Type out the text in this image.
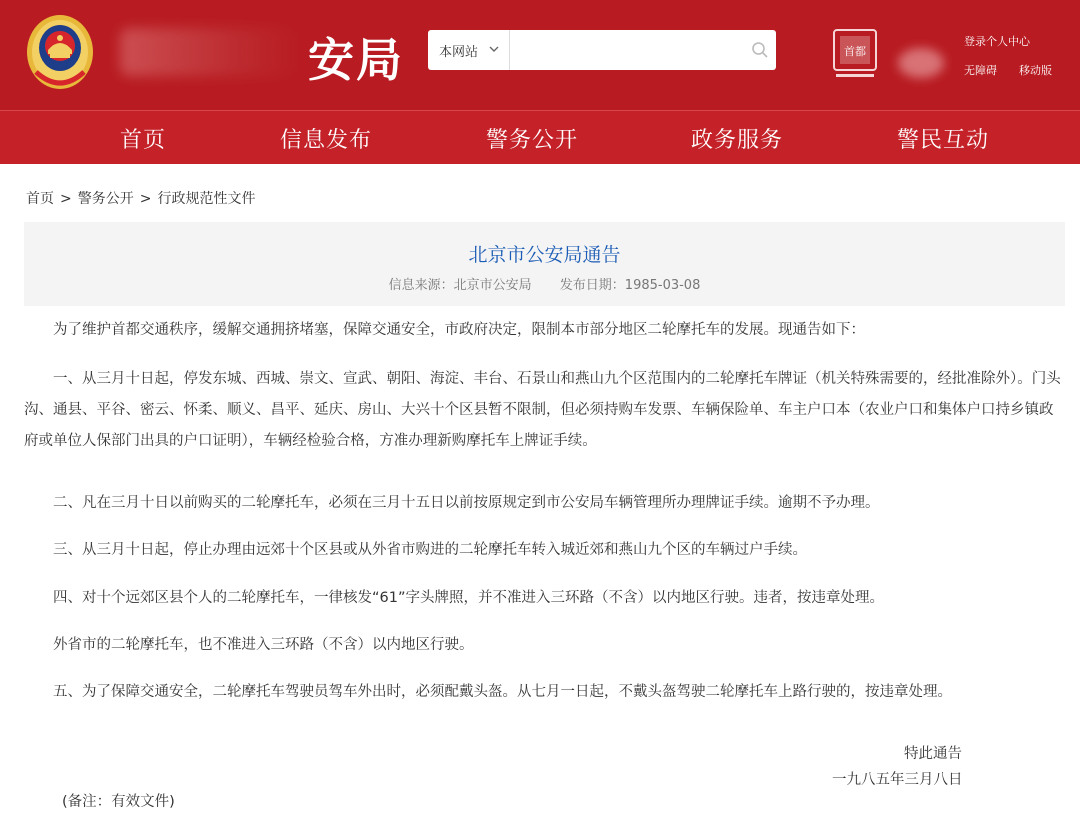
安局	本网站	首都
登录个人中心
无障碍 移动版
首页	信息发布	警务公开	政务服务	警民互动
首页 > 警务公开 > 行政规范性文件
北京市公安局通告
信息来源：北京市公安局 发布日期：1985-03-08
为了维护首都交通秩序，缓解交通拥挤堵塞，保障交通安全，市政府决定，限制本市部分地区二轮摩托车的发展。现通告如下：
一、从三月十日起，停发东城、西城、崇文、宣武、朝阳、海淀、丰台、石景山和燕山九个区范围内的二轮摩托车牌证（机关特殊需要的，经批准除外）。门头沟、通县、平谷、密云、怀柔、顺义、昌平、延庆、房山、大兴十个区县暂不限制，但必须持购车发票、车辆保险单、车主户口本（农业户口和集体户口持乡镇政府或单位人保部门出具的户口证明），车辆经检验合格，方准办理新购摩托车上牌证手续。
二、凡在三月十日以前购买的二轮摩托车，必须在三月十五日以前按原规定到市公安局车辆管理所办理牌证手续。逾期不予办理。
三、从三月十日起，停止办理由远郊十个区县或从外省市购进的二轮摩托车转入城近郊和燕山九个区的车辆过户手续。
四、对十个远郊区县个人的二轮摩托车，一律核发“61”字头牌照，并不准进入三环路（不含）以内地区行驶。违者，按违章处理。
外省市的二轮摩托车，也不准进入三环路（不含）以内地区行驶。
五、为了保障交通安全，二轮摩托车驾驶员驾车外出时，必须配戴头盔。从七月一日起，不戴头盔驾驶二轮摩托车上路行驶的，按违章处理。
特此通告
一九八五年三月八日
(备注：有效文件)
